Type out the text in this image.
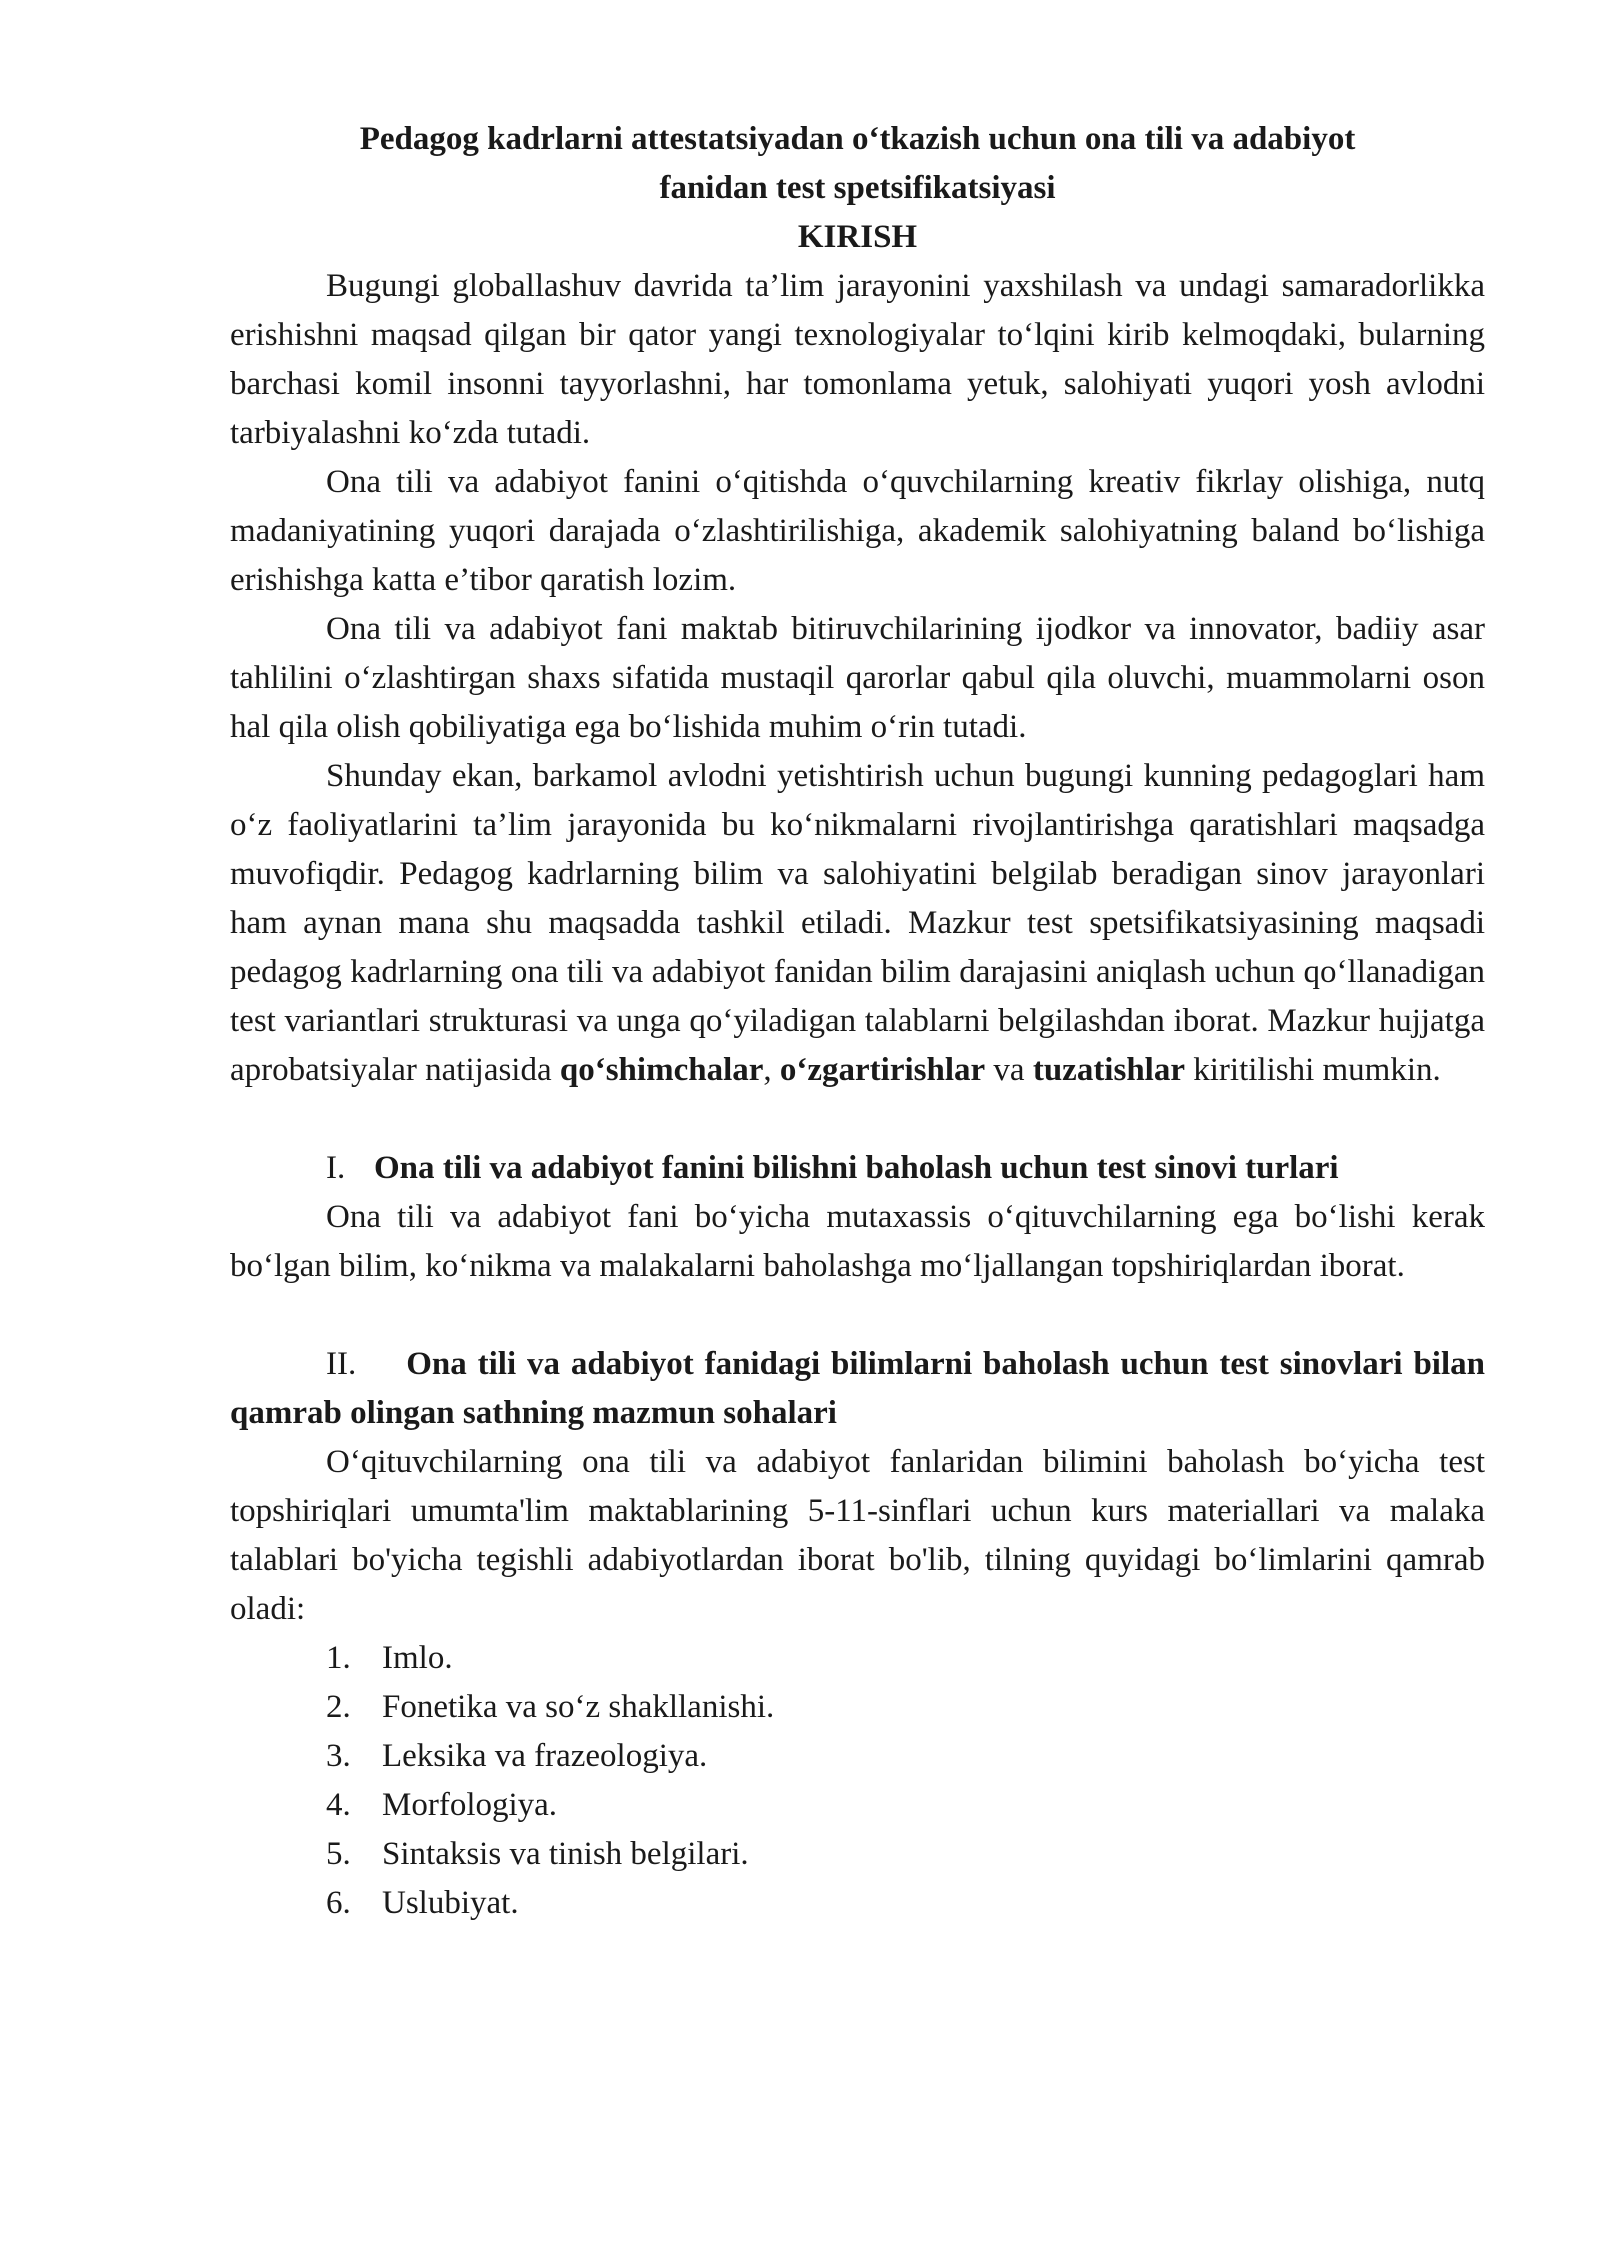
Pedagog kadrlarni attestatsiyadan o‘tkazish uchun ona tili va adabiyot
fanidan test spetsifikatsiyasi
KIRISH

Bugungi globallashuv davrida ta’lim jarayonini yaxshilash va undagi samaradorlikka erishishni maqsad qilgan bir qator yangi texnologiyalar to‘lqini kirib kelmoqdaki, bularning barchasi komil insonni tayyorlashni, har tomonlama yetuk, salohiyati yuqori yosh avlodni tarbiyalashni ko‘zda tutadi.

Ona tili va adabiyot fanini o‘qitishda o‘quvchilarning kreativ fikrlay olishiga, nutq madaniyatining yuqori darajada o‘zlashtirilishiga, akademik salohiyatning baland bo‘lishiga erishishga katta e’tibor qaratish lozim.

Ona tili va adabiyot fani maktab bitiruvchilarining ijodkor va innovator, badiiy asar tahlilini o‘zlashtirgan shaxs sifatida mustaqil qarorlar qabul qila oluvchi, muammolarni oson hal qila olish qobiliyatiga ega bo‘lishida muhim o‘rin tutadi.

Shunday ekan, barkamol avlodni yetishtirish uchun bugungi kunning pedagoglari ham o‘z faoliyatlarini ta’lim jarayonida bu ko‘nikmalarni rivojlantirishga qaratishlari maqsadga muvofiqdir. Pedagog kadrlarning bilim va salohiyatini belgilab beradigan sinov jarayonlari ham aynan mana shu maqsadda tashkil etiladi. Mazkur test spetsifikatsiyasining maqsadi pedagog kadrlarning ona tili va adabiyot fanidan bilim darajasini aniqlash uchun qo‘llanadigan test variantlari strukturasi va unga qo‘yiladigan talablarni belgilashdan iborat. Mazkur hujjatga aprobatsiyalar natijasida qo‘shimchalar, o‘zgartirishlar va tuzatishlar kiritilishi mumkin.

I. Ona tili va adabiyot fanini bilishni baholash uchun test sinovi turlari

Ona tili va adabiyot fani bo‘yicha mutaxassis o‘qituvchilarning ega bo‘lishi kerak bo‘lgan bilim, ko‘nikma va malakalarni baholashga mo‘ljallangan topshiriqlardan iborat.

II. Ona tili va adabiyot fanidagi bilimlarni baholash uchun test sinovlari bilan qamrab olingan sathning mazmun sohalari

O‘qituvchilarning ona tili va adabiyot fanlaridan bilimini baholash bo‘yicha test topshiriqlari umumta'lim maktablarining 5-11-sinflari uchun kurs materiallari va malaka talablari bo'yicha tegishli adabiyotlardan iborat bo'lib, tilning quyidagi bo‘limlarini qamrab oladi:

1. Imlo.
2. Fonetika va so‘z shakllanishi.
3. Leksika va frazeologiya.
4. Morfologiya.
5. Sintaksis va tinish belgilari.
6. Uslubiyat.
